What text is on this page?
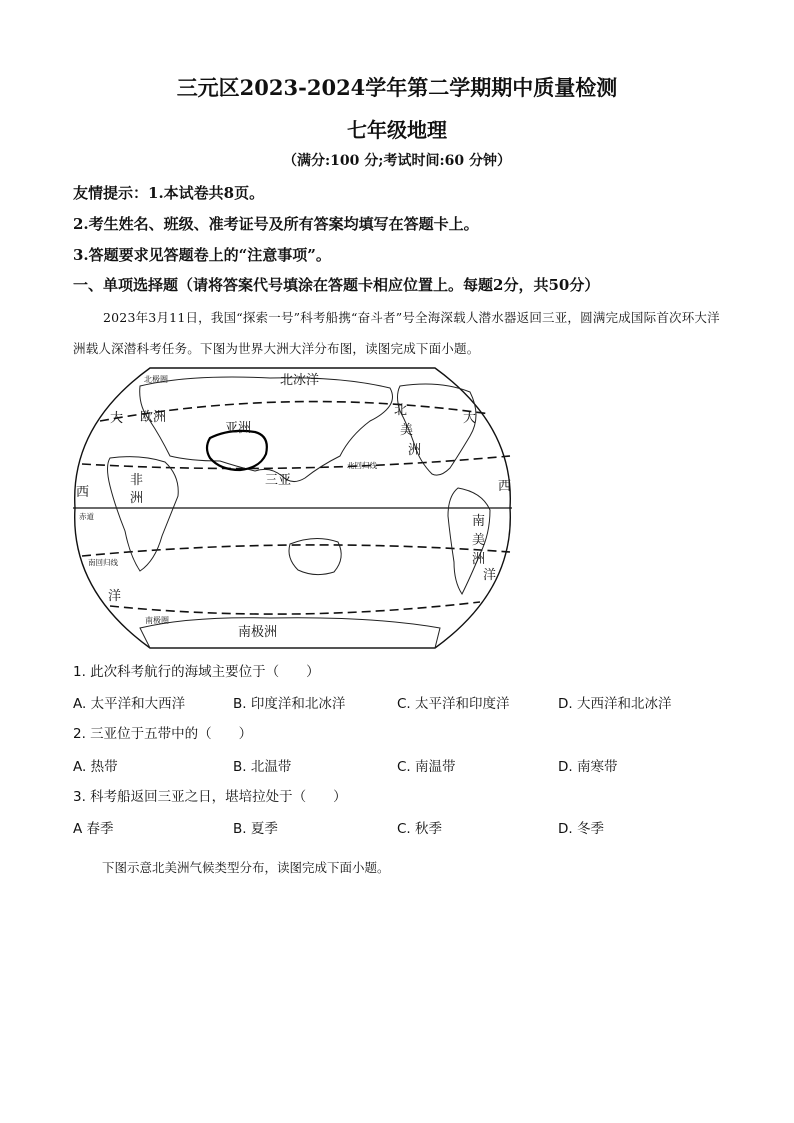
三元区2023-2024学年第二学期期中质量检测
七年级地理
（满分:100 分;考试时间:60 分钟）
友情提示：1.本试卷共8页。
2.考生姓名、班级、准考证号及所有答案均填写在答题卡上。
3.答题要求见答题卷上的“注意事项”。
一、单项选择题（请将答案代号填涂在答题卡相应位置上。每题2分，共50分）
2023年3月11日，我国“探索一号”科考船携“奋斗者”号全海深载人潜水器返回三亚，圆满完成国际首次环大洋洲载人深潜科考任务。下图为世界大洲大洋分布图，读图完成下面小题。
北极圈	北冰洋
欧洲
亚洲
北
美
洲
北回归线
非
洲
三亚
赤道	南
美
洲
南回归线
南极圈
南极洲
大
西
洋
大
西
洋
1. 此次科考航行的海域主要位于（　　）
A. 太平洋和大西洋	B. 印度洋和北冰洋	C. 太平洋和印度洋	D. 大西洋和北冰洋
2. 三亚位于五带中的（　　）
A. 热带	B. 北温带	C. 南温带	D. 南寒带
3. 科考船返回三亚之日，堪培拉处于（　　）
A 春季	B. 夏季	C. 秋季	D. 冬季
下图示意北美洲气候类型分布，读图完成下面小题。
